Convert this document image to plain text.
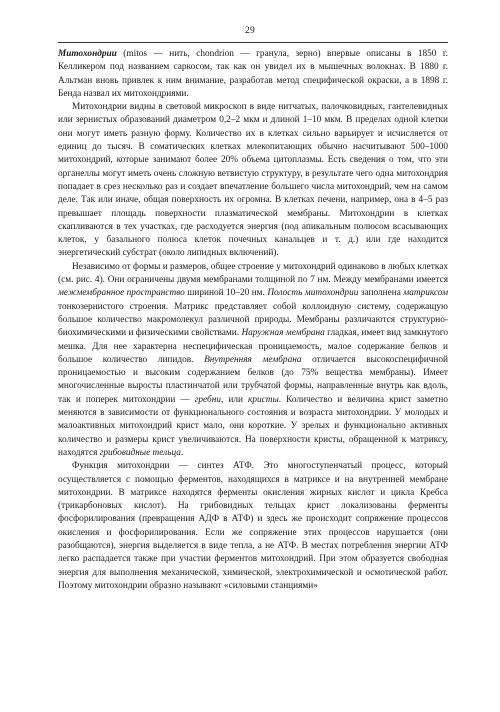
29

Митохондрии (mitos — нить, chondrion — гранула, зерно) впервые описаны в 1850 г. Келликером под названием саркосом, так как он увидел их в мышечных волокнах. В 1880 г. Альтман вновь привлек к ним внимание, разработав метод специфической окраски, а в 1898 г. Бенда назвал их митохондриями.

Митохондрии видны в световой микроскоп в виде нитчатых, палочковидных, гантелевидных или зернистых образований диаметром 0,2–2 мкм и длиной 1–10 мкм. В пределах одной клетки они могут иметь разную форму. Количество их в клетках сильно варьирует и исчисляется от единиц до тысяч. В соматических клетках млекопитающих обычно насчитывают 500–1000 митохондрий, которые занимают более 20% объема цитоплазмы. Есть сведения о том, что эти органеллы могут иметь очень сложную ветвистую структуру, в результате чего одна митохондрия попадает в срез несколько раз и создает впечатление большего числа митохондрий, чем на самом деле. Так или иначе, общая поверхность их огромна. В клетках печени, например, она в 4–5 раз превышает площадь поверхности плазматической мембраны. Митохондрии в клетках скапливаются в тех участках, где расходуется энергия (под апикальным полюсом всасывающих клеток, у базального полюса клеток почечных канальцев и т. д.) или где находится энергетический субстрат (около липидных включений).

Независимо от формы и размеров, общее строение у митохондрий одинаково в любых клетках (см. рис. 4). Они ограничены двумя мембранами толщиной по 7 нм. Между мембранами имеется межмембранное пространство шириной 10–20 нм. Полость митохондрии заполнена матриксом тонкозернистого строения. Матрикс представляет собой коллоидную систему, содержащую большое количество макромолекул различной природы. Мембраны различаются структурно-биохимическими и физическими свойствами. Наружная мембрана гладкая, имеет вид замкнутого мешка. Для нее характерна неспецифическая проницаемость, малое содержание белков и большое количество липидов. Внутренняя мембрана отличается высокоспецифичной проницаемостью и высоким содержанием белков (до 75% вещества мембраны). Имеет многочисленные выросты пластинчатой или трубчатой формы, направленные внутрь как вдоль, так и поперек митохондрии — гребни, или кристы. Количество и величина крист заметно меняются в зависимости от функционального состояния и возраста митохондрии. У молодых и малоактивных митохондрий крист мало, они короткие. У зрелых и функционально активных количество и размеры крист увеличиваются. На поверхности кристы, обращенной к матриксу, находятся грибовидные тельца.

Функция митохондрии — синтез АТФ. Это многоступенчатый процесс, который осуществляется с помощью ферментов, находящихся в матриксе и на внутренней мембране митохондрии. В матриксе находятся ферменты окисления жирных кислот и цикла Кребса (трикарбоновых кислот). На грибовидных тельцах крист локализованы ферменты фосфорилирования (превращения АДФ в АТФ) и здесь же происходит сопряжение процессов окисления и фосфорилирования. Если же сопряжение этих процессов нарушается (они разобщаются), энергия выделяется в виде тепла, а не АТФ. В местах потребления энергии АТФ легко распадается также при участии ферментов митохондрий. При этом образуется свободная энергия для выполнения механической, химической, электрохимической и осмотической работ. Поэтому митохондрии образно называют «силовыми станциями»
